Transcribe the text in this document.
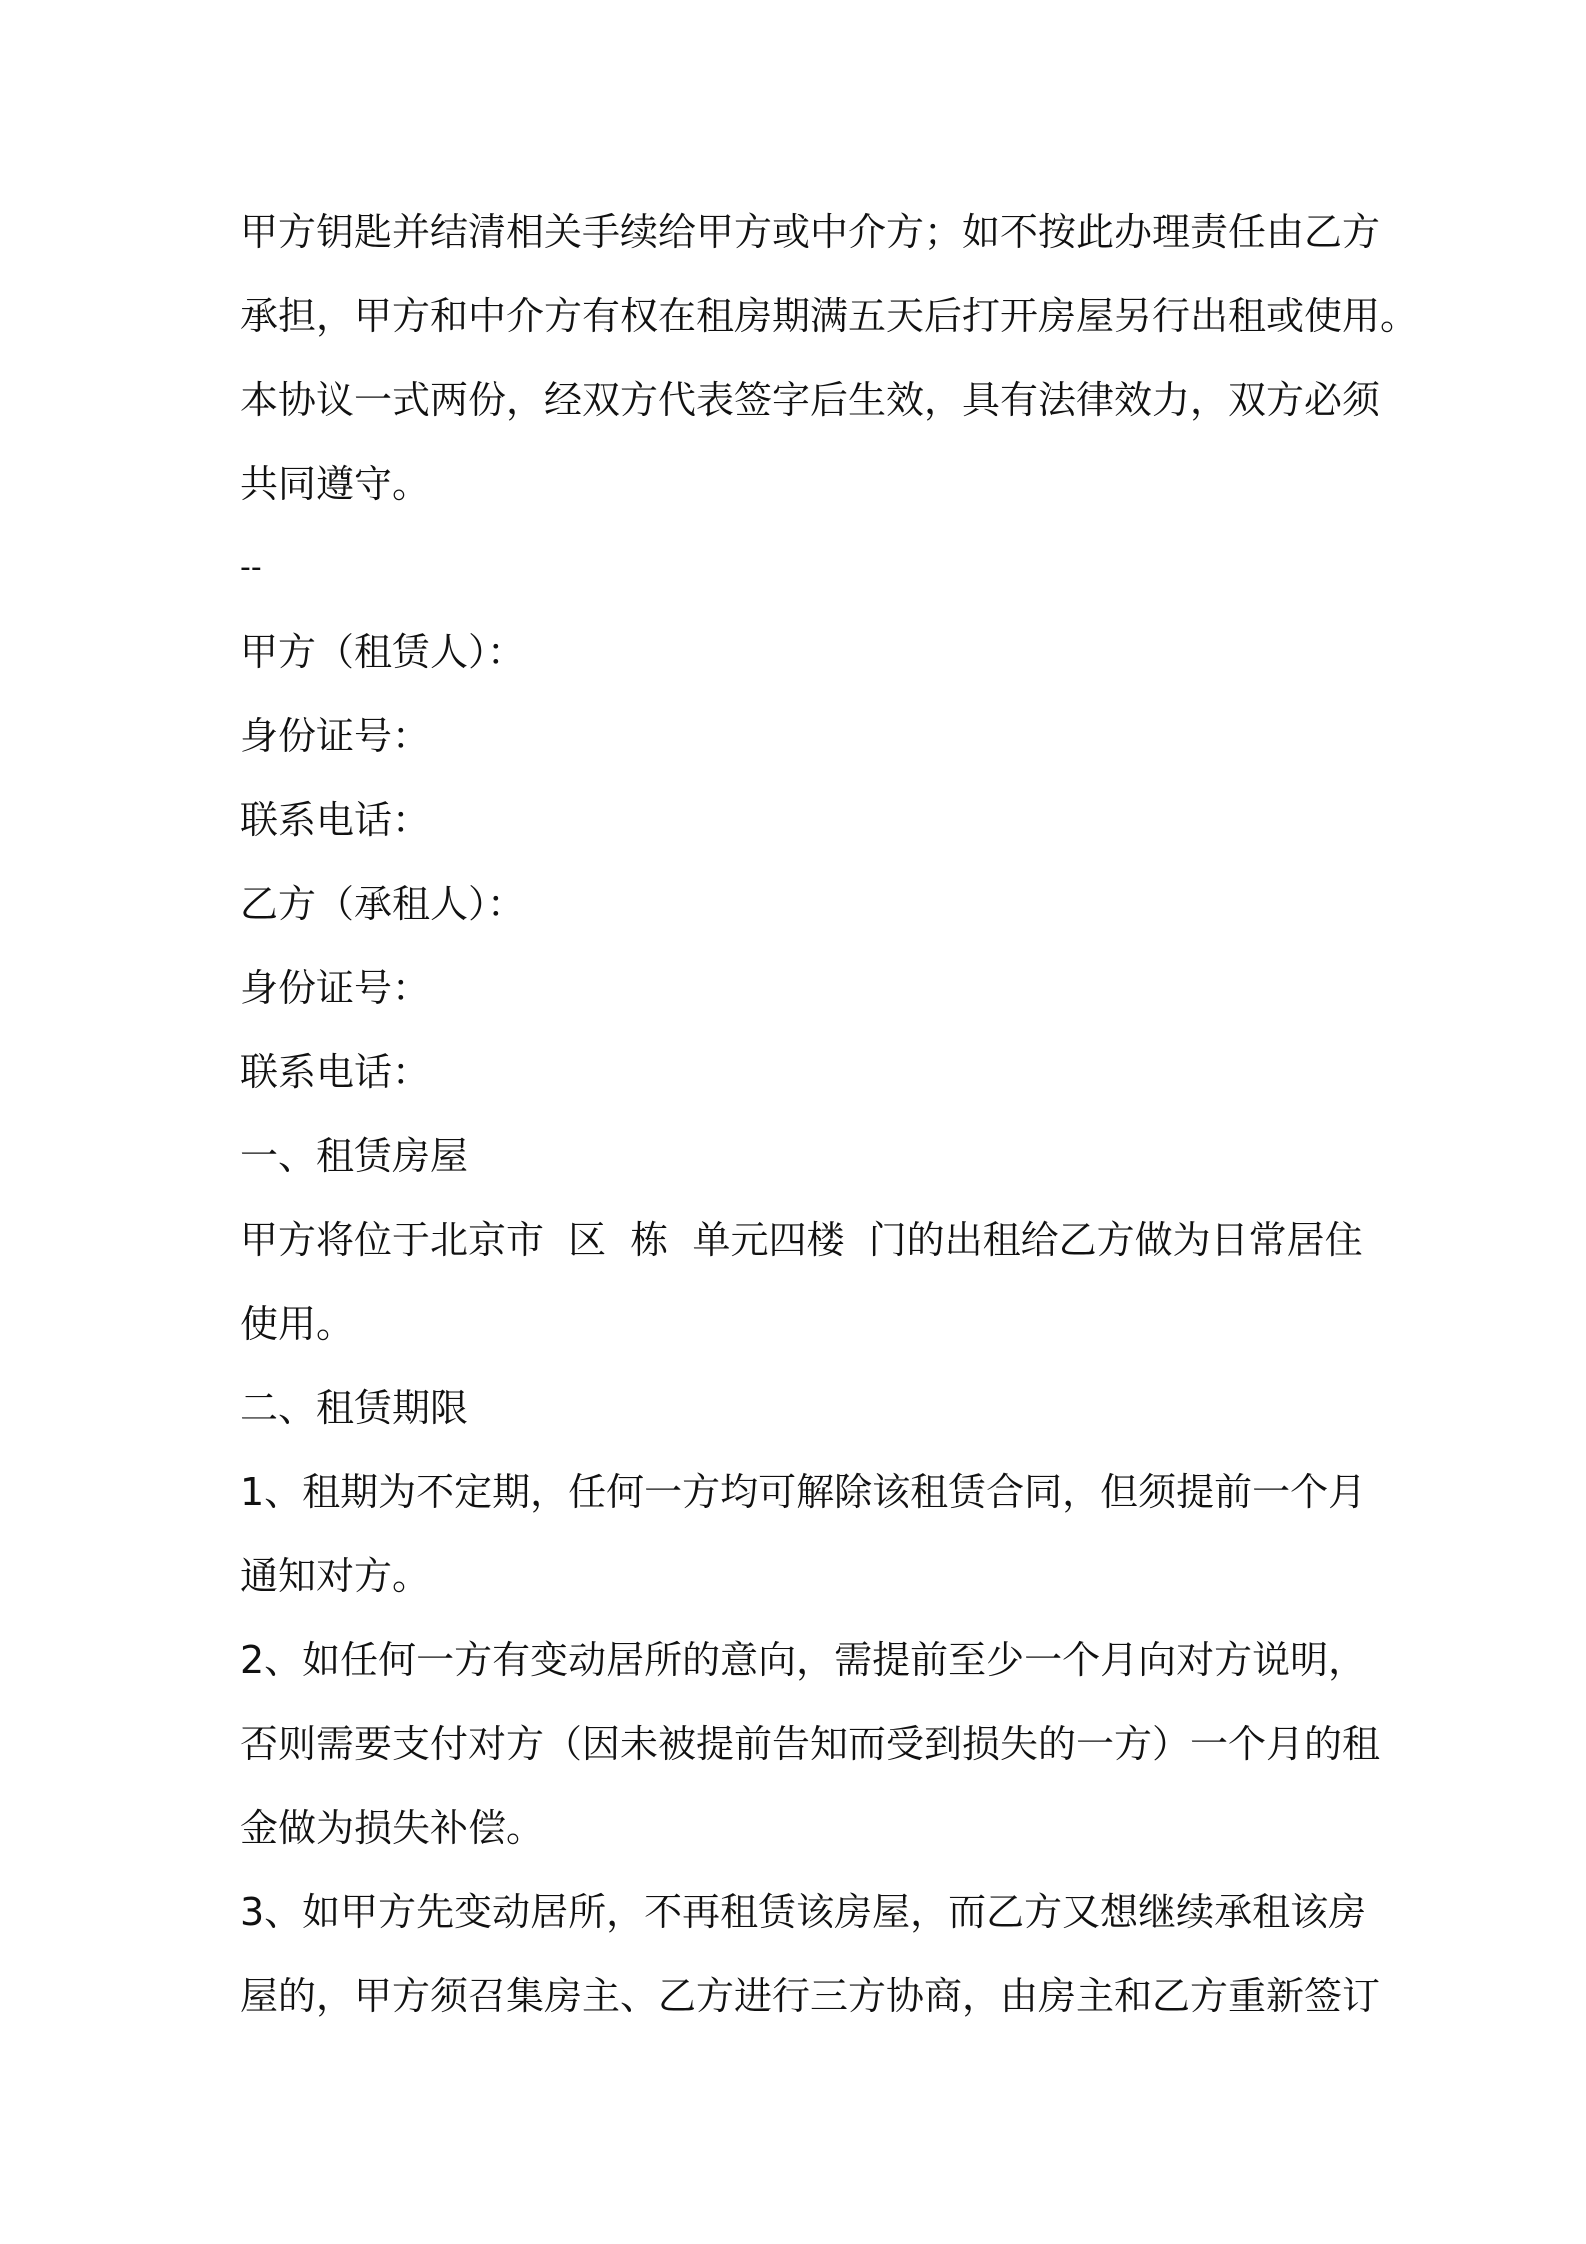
甲方钥匙并结清相关手续给甲方或中介方；如不按此办理责任由乙方
承担，甲方和中介方有权在租房期满五天后打开房屋另行出租或使用。
本协议一式两份，经双方代表签字后生效，具有法律效力，双方必须
共同遵守。
--
甲方（租赁人）：
身份证号：
联系电话：
乙方（承租人）：
身份证号：
联系电话：
一、租赁房屋
甲方将位于北京市  区  栋  单元四楼  门的出租给乙方做为日常居住
使用。
二、租赁期限
1、租期为不定期，任何一方均可解除该租赁合同，但须提前一个月
通知对方。
2、如任何一方有变动居所的意向，需提前至少一个月向对方说明，
否则需要支付对方（因未被提前告知而受到损失的一方）一个月的租
金做为损失补偿。
3、如甲方先变动居所，不再租赁该房屋，而乙方又想继续承租该房
屋的，甲方须召集房主、乙方进行三方协商，由房主和乙方重新签订
